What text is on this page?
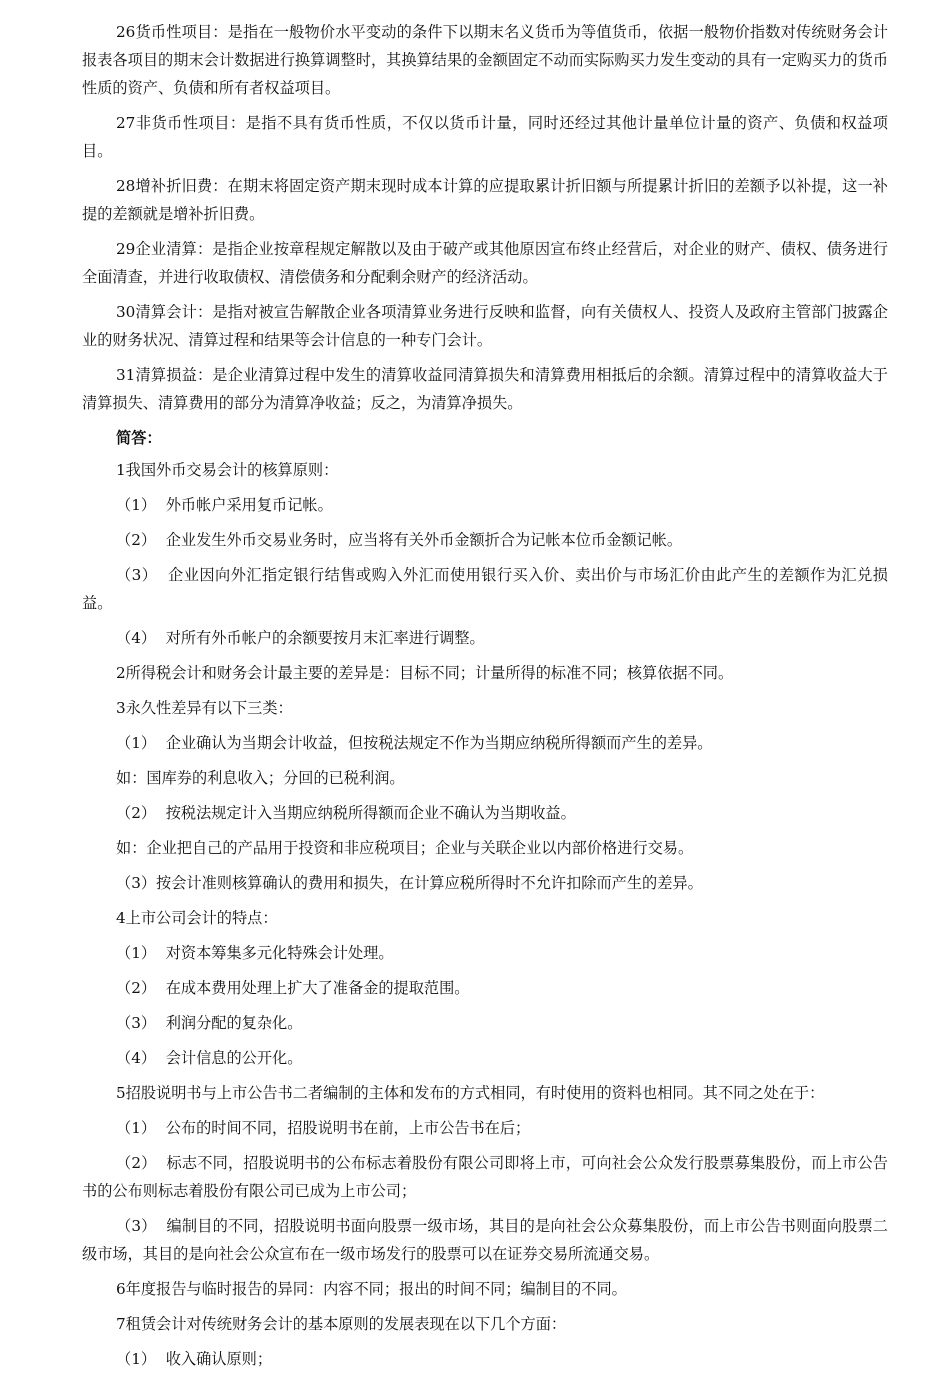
26货币性项目：是指在一般物价水平变动的条件下以期末名义货币为等值货币，依据一般物价指数对传统财务会计报表各项目的期末会计数据进行换算调整时，其换算结果的金额固定不动而实际购买力发生变动的具有一定购买力的货币性质的资产、负债和所有者权益项目。

27非货币性项目：是指不具有货币性质，不仅以货币计量，同时还经过其他计量单位计量的资产、负债和权益项目。

28增补折旧费：在期末将固定资产期末现时成本计算的应提取累计折旧额与所提累计折旧的差额予以补提，这一补提的差额就是增补折旧费。

29企业清算：是指企业按章程规定解散以及由于破产或其他原因宣布终止经营后，对企业的财产、债权、债务进行全面清查，并进行收取债权、清偿债务和分配剩余财产的经济活动。

30清算会计：是指对被宣告解散企业各项清算业务进行反映和监督，向有关债权人、投资人及政府主管部门披露企业的财务状况、清算过程和结果等会计信息的一种专门会计。

31清算损益：是企业清算过程中发生的清算收益同清算损失和清算费用相抵后的余额。清算过程中的清算收益大于清算损失、清算费用的部分为清算净收益；反之，为清算净损失。

简答：

1我国外币交易会计的核算原则：

（1）  外币帐户采用复币记帐。

（2）  企业发生外币交易业务时，应当将有关外币金额折合为记帐本位币金额记帐。

（3）  企业因向外汇指定银行结售或购入外汇而使用银行买入价、卖出价与市场汇价由此产生的差额作为汇兑损益。

（4）  对所有外币帐户的余额要按月末汇率进行调整。

2所得税会计和财务会计最主要的差异是：目标不同；计量所得的标准不同；核算依据不同。

3永久性差异有以下三类：

（1）  企业确认为当期会计收益，但按税法规定不作为当期应纳税所得额而产生的差异。

如：国库券的利息收入；分回的已税利润。

（2）  按税法规定计入当期应纳税所得额而企业不确认为当期收益。

如：企业把自己的产品用于投资和非应税项目；企业与关联企业以内部价格进行交易。

（3）按会计准则核算确认的费用和损失，在计算应税所得时不允许扣除而产生的差异。

4上市公司会计的特点：

（1）  对资本筹集多元化特殊会计处理。

（2）  在成本费用处理上扩大了准备金的提取范围。

（3）  利润分配的复杂化。

（4）  会计信息的公开化。

5招股说明书与上市公告书二者编制的主体和发布的方式相同，有时使用的资料也相同。其不同之处在于：

（1）  公布的时间不同，招股说明书在前，上市公告书在后；

（2）  标志不同，招股说明书的公布标志着股份有限公司即将上市，可向社会公众发行股票募集股份，而上市公告书的公布则标志着股份有限公司已成为上市公司；

（3）  编制目的不同，招股说明书面向股票一级市场，其目的是向社会公众募集股份，而上市公告书则面向股票二级市场，其目的是向社会公众宣布在一级市场发行的股票可以在证券交易所流通交易。

6年度报告与临时报告的异同：内容不同；报出的时间不同；编制目的不同。

7租赁会计对传统财务会计的基本原则的发展表现在以下几个方面：

（1）  收入确认原则；
